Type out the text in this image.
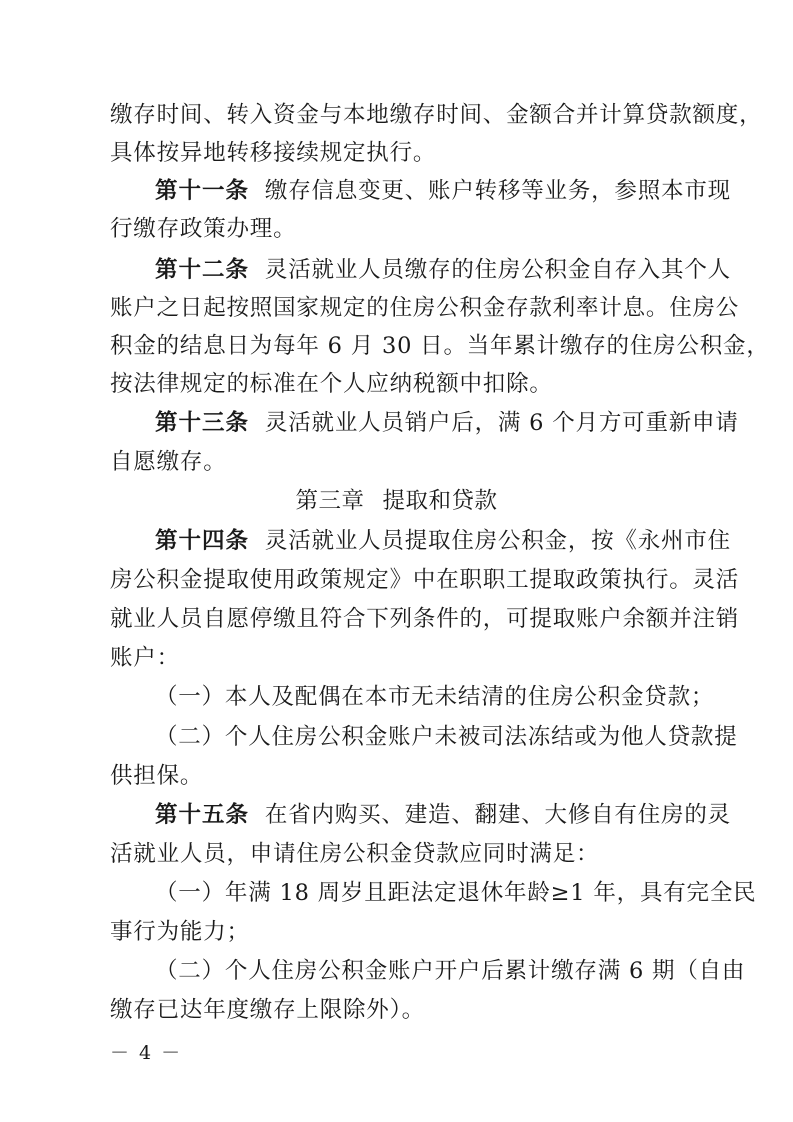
缴存时间、转入资金与本地缴存时间、金额合并计算贷款额度，
具体按异地转移接续规定执行。
第十一条 缴存信息变更、账户转移等业务，参照本市现
行缴存政策办理。
第十二条 灵活就业人员缴存的住房公积金自存入其个人
账户之日起按照国家规定的住房公积金存款利率计息。住房公
积金的结息日为每年 6 月 30 日。当年累计缴存的住房公积金，
按法律规定的标准在个人应纳税额中扣除。
第十三条 灵活就业人员销户后，满 6 个月方可重新申请
自愿缴存。
第三章 提取和贷款
第十四条 灵活就业人员提取住房公积金，按《永州市住
房公积金提取使用政策规定》中在职职工提取政策执行。灵活
就业人员自愿停缴且符合下列条件的，可提取账户余额并注销
账户：
（一）本人及配偶在本市无未结清的住房公积金贷款；
（二）个人住房公积金账户未被司法冻结或为他人贷款提
供担保。
第十五条 在省内购买、建造、翻建、大修自有住房的灵
活就业人员，申请住房公积金贷款应同时满足：
（一）年满 18 周岁且距法定退休年龄≥1 年，具有完全民
事行为能力；
（二）个人住房公积金账户开户后累计缴存满 6 期（自由
缴存已达年度缴存上限除外）。
－ 4 －
